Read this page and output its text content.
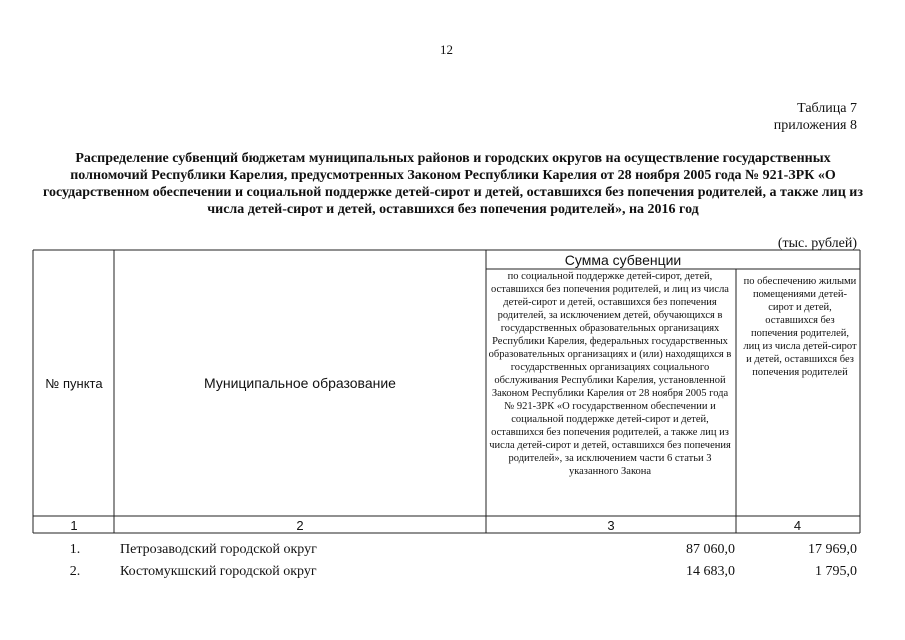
12
Таблица 7
приложения 8
Распределение субвенций бюджетам муниципальных районов и городских округов на осуществление государственных полномочий Республики Карелия, предусмотренных Законом Республики Карелия от 28 ноября 2005 года № 921-ЗРК «О государственном обеспечении и социальной поддержке детей-сирот и детей, оставшихся без попечения родителей, а также лиц из числа детей-сирот и детей, оставшихся без попечения родителей», на 2016 год
(тыс. рублей)
№ пункта	Муниципальное образование
Сумма субвенции
по социальной поддержке детей-сирот, детей, оставшихся без попечения родителей, и лиц из числа детей-сирот и детей, оставшихся без попечения родителей, за исключением детей, обучающихся в государственных образовательных организациях Республики Карелия, федеральных государственных образовательных организациях и (или) находящихся в государственных организациях социального обслуживания Республики Карелия, установленной Законом Республики Карелия от 28 ноября 2005 года № 921-ЗРК «О государственном обеспечении и социальной поддержке детей-сирот и детей, оставшихся без попечения родителей, а также лиц из числа детей-сирот и детей, оставшихся без попечения родителей», за исключением части 6 статьи 3 указанного Закона
по обеспечению жилыми помещениями детей-сирот и детей, оставшихся без попечения родителей, лиц из числа детей-сирот и детей, оставшихся без попечения родителей
1	2	3	4
1.	Петрозаводский городской округ	87 060,0	17 969,0
2.	Костомукшский городской округ	14 683,0	1 795,0
